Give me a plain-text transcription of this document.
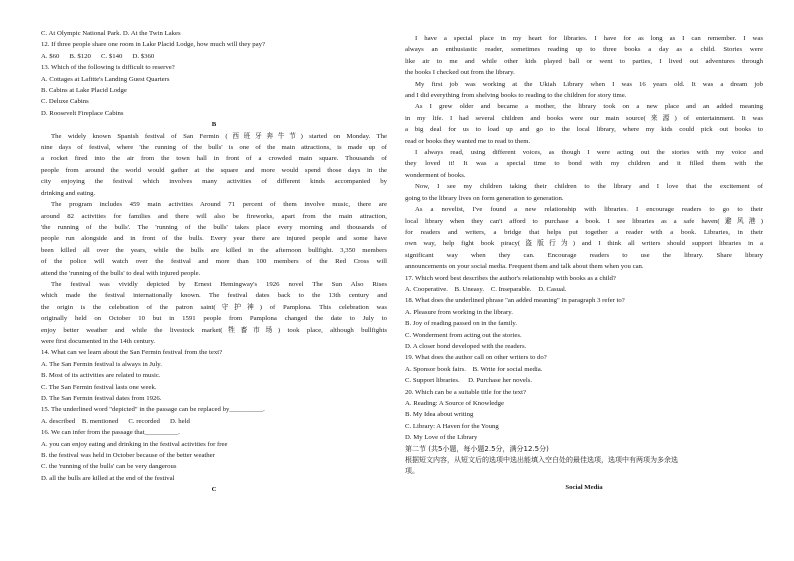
C. At Olympic National Park. D. At the Twin Lakes
12. If three people share one room in Lake Placid Lodge, how much will they pay?
A. $60      B. $120      C. $140      D. $360
13. Which of the following is difficult to reserve?
A. Cottages at Lafitte's Landing Guest Quarters
B. Cabins at Lake Placid Lodge
C. Deluxe Cabins
D. Roosevelt Fireplace Cabins
B
The widely known Spanish festival of San Fermin (西班牙奔牛节) started on Monday. The
nine days of festival, where 'the running of the bulls' is one of the main attractions, is made up of
a rocket fired into the air from the town hall in front of a crowded main square. Thousands of
people from around the world would gather at the square and more would spend those days in the
city enjoying the festival which involves many activities of different kinds accompanied by
drinking and eating.
The program includes 459 main activities Around 71 percent of them involve music, there are
around 82 activities for families and there will also be fireworks, apart from the main attraction,
'the running of the bulls'. The 'running of the bulls' takes place every morning and thousands of
people run alongside and in front of the bulls. Every year there are injured people and some have
been killed all over the years, while the bulls are killed in the afternoon bullfight. 3,350 members
of the police will watch over the festival and more than 100 members of the Red Cross will
attend the 'running of the bulls' to deal with injured people.
The festival was vividly depicted by Ernest Hemingway's 1926 novel The Sun Also Rises
which made the festival internationally known. The festival dates back to the 13th century and
the origin is the celebration of the patron saint(守护神) of Pamplona. This celebration was
originally held on October 10 but in 1591 people from Pamplona changed the date to July to
enjoy better weather and while the livestock market(牲畜市场) took place, although bullfights
were first documented in the 14th century.
14. What can we learn about the San Fermin festival from the text?
A. The San Fermin festival is always in July.
B. Most of its activities are related to music.
C. The San Fermin festival lasts one week.
D. The San Fermin festival dates from 1926.
15. The underlined word "depicted" in the passage can be replaced by__________.
A. described    B. mentioned      C. recorded      D. held
16. We can infer from the passage that__________.
A. you can enjoy eating and drinking in the festival activities for free
B. the festival was held in October because of the better weather
C. the 'running of the bulls' can be very dangerous
D. all the bulls are killed at the end of the festival
C
I have a special place in my heart for libraries. I have for as long as I can remember. I was
always an enthusiastic reader, sometimes reading up to three books a day as a child. Stories were
like air to me and while other kids played ball or went to parties, I lived out adventures through
the books I checked out from the library.
My first job was working at the Ukiah Library when I was 16 years old. It was a dream job
and I did everything from shelving books to reading to the children for story time.
As I grew older and became a mother, the library took on a new place and an added meaning
in my life. I had several children and books were our main source(来源) of entertainment. It was
a big deal for us to load up and go to the local library, where my kids could pick out books to
read or books they wanted me to read to them.
I always read, using different voices, as though I were acting out the stories with my voice and
they loved it! It was a special time to bond with my children and it filled them with the
wonderment of books.
Now, I see my children taking their children to the library and I love that the excitement of
going to the library lives on form generation to generation.
As a novelist, I've found a new relationship with libraries. I encourage readers to go to their
local library when they can't afford to purchase a book. I see libraries as a safe haven(避风港)
for readers and writers, a bridge that helps put together a reader with a book. Libraries, in their
own way, help fight book piracy(盗版行为) and I think all writers should support libraries in a
significant way when they can. Encourage readers to use the library. Share library
announcements on your social media. Frequent them and talk about them when you can.
17. Which word best describes the author's relationship with books as a child?
A. Cooperative.    B. Uneasy.    C. Inseparable.    D. Casual.
18. What does the underlined phrase "an added meaning" in paragraph 3 refer to?
A. Pleasure from working in the library.
B. Joy of reading passed on in the family.
C. Wonderment from acting out the stories.
D. A closer bond developed with the readers.
19. What does the author call on other writers to do?
A. Sponsor book fairs.    B. Write for social media.
C. Support libraries.     D. Purchase her novels.
20. Which can be a suitable title for the text?
A. Reading: A Source of Knowledge
B. My Idea about writing
C. Library: A Haven for the Young
D. My Love of the Library
第二节 (共5小题，每小题2.5分，满分12.5分)
根据短文内容，从短文后的选项中选出能填入空白处的最佳选项，选项中有两项为多余选
项。
Social Media
